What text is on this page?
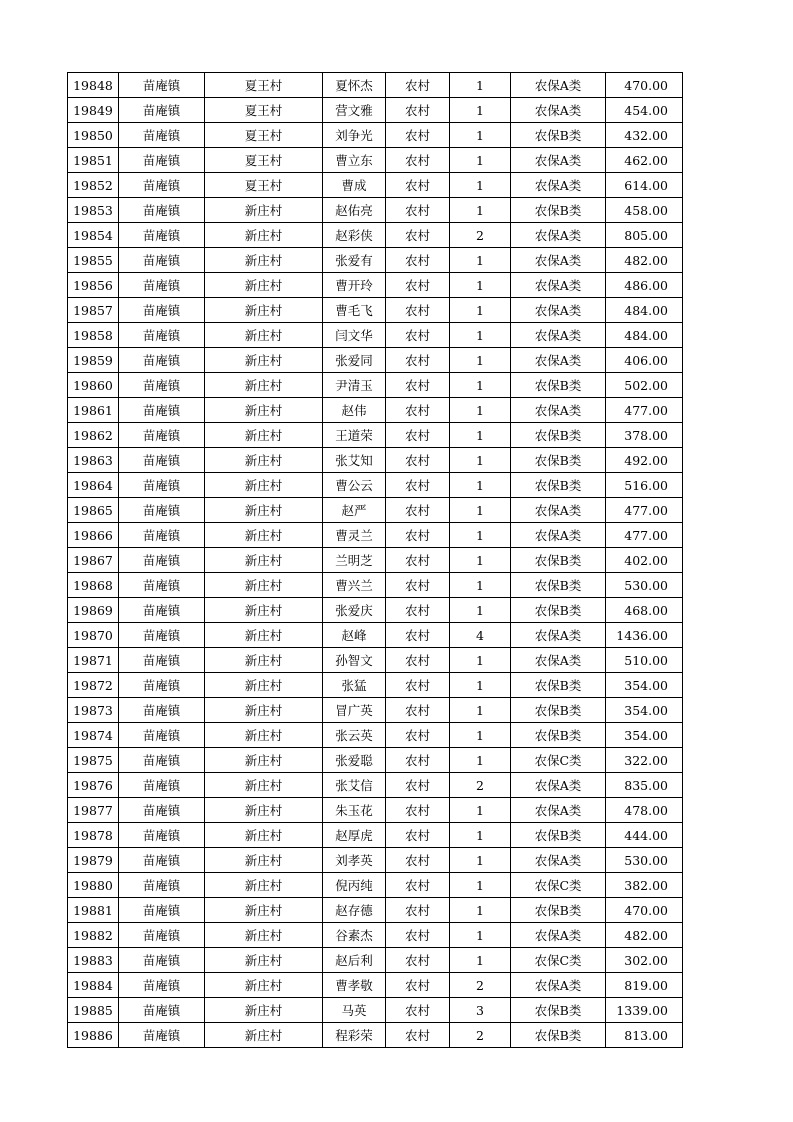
19848	苗庵镇	夏王村	夏怀杰	农村	1	农保A类	470.00
19849	苗庵镇	夏王村	营文雅	农村	1	农保A类	454.00
19850	苗庵镇	夏王村	刘争光	农村	1	农保B类	432.00
19851	苗庵镇	夏王村	曹立东	农村	1	农保A类	462.00
19852	苗庵镇	夏王村	曹成	农村	1	农保A类	614.00
19853	苗庵镇	新庄村	赵佑亮	农村	1	农保B类	458.00
19854	苗庵镇	新庄村	赵彩侠	农村	2	农保A类	805.00
19855	苗庵镇	新庄村	张爱有	农村	1	农保A类	482.00
19856	苗庵镇	新庄村	曹开玲	农村	1	农保A类	486.00
19857	苗庵镇	新庄村	曹毛飞	农村	1	农保A类	484.00
19858	苗庵镇	新庄村	闫文华	农村	1	农保A类	484.00
19859	苗庵镇	新庄村	张爱同	农村	1	农保A类	406.00
19860	苗庵镇	新庄村	尹清玉	农村	1	农保B类	502.00
19861	苗庵镇	新庄村	赵伟	农村	1	农保A类	477.00
19862	苗庵镇	新庄村	王道荣	农村	1	农保B类	378.00
19863	苗庵镇	新庄村	张艾知	农村	1	农保B类	492.00
19864	苗庵镇	新庄村	曹公云	农村	1	农保B类	516.00
19865	苗庵镇	新庄村	赵严	农村	1	农保A类	477.00
19866	苗庵镇	新庄村	曹灵兰	农村	1	农保A类	477.00
19867	苗庵镇	新庄村	兰明芝	农村	1	农保B类	402.00
19868	苗庵镇	新庄村	曹兴兰	农村	1	农保B类	530.00
19869	苗庵镇	新庄村	张爱庆	农村	1	农保B类	468.00
19870	苗庵镇	新庄村	赵峰	农村	4	农保A类	1436.00
19871	苗庵镇	新庄村	孙智文	农村	1	农保A类	510.00
19872	苗庵镇	新庄村	张猛	农村	1	农保B类	354.00
19873	苗庵镇	新庄村	冒广英	农村	1	农保B类	354.00
19874	苗庵镇	新庄村	张云英	农村	1	农保B类	354.00
19875	苗庵镇	新庄村	张爱聪	农村	1	农保C类	322.00
19876	苗庵镇	新庄村	张艾信	农村	2	农保A类	835.00
19877	苗庵镇	新庄村	朱玉花	农村	1	农保A类	478.00
19878	苗庵镇	新庄村	赵厚虎	农村	1	农保B类	444.00
19879	苗庵镇	新庄村	刘孝英	农村	1	农保A类	530.00
19880	苗庵镇	新庄村	倪丙纯	农村	1	农保C类	382.00
19881	苗庵镇	新庄村	赵存德	农村	1	农保B类	470.00
19882	苗庵镇	新庄村	谷素杰	农村	1	农保A类	482.00
19883	苗庵镇	新庄村	赵后利	农村	1	农保C类	302.00
19884	苗庵镇	新庄村	曹孝敬	农村	2	农保A类	819.00
19885	苗庵镇	新庄村	马英	农村	3	农保B类	1339.00
19886	苗庵镇	新庄村	程彩荣	农村	2	农保B类	813.00
